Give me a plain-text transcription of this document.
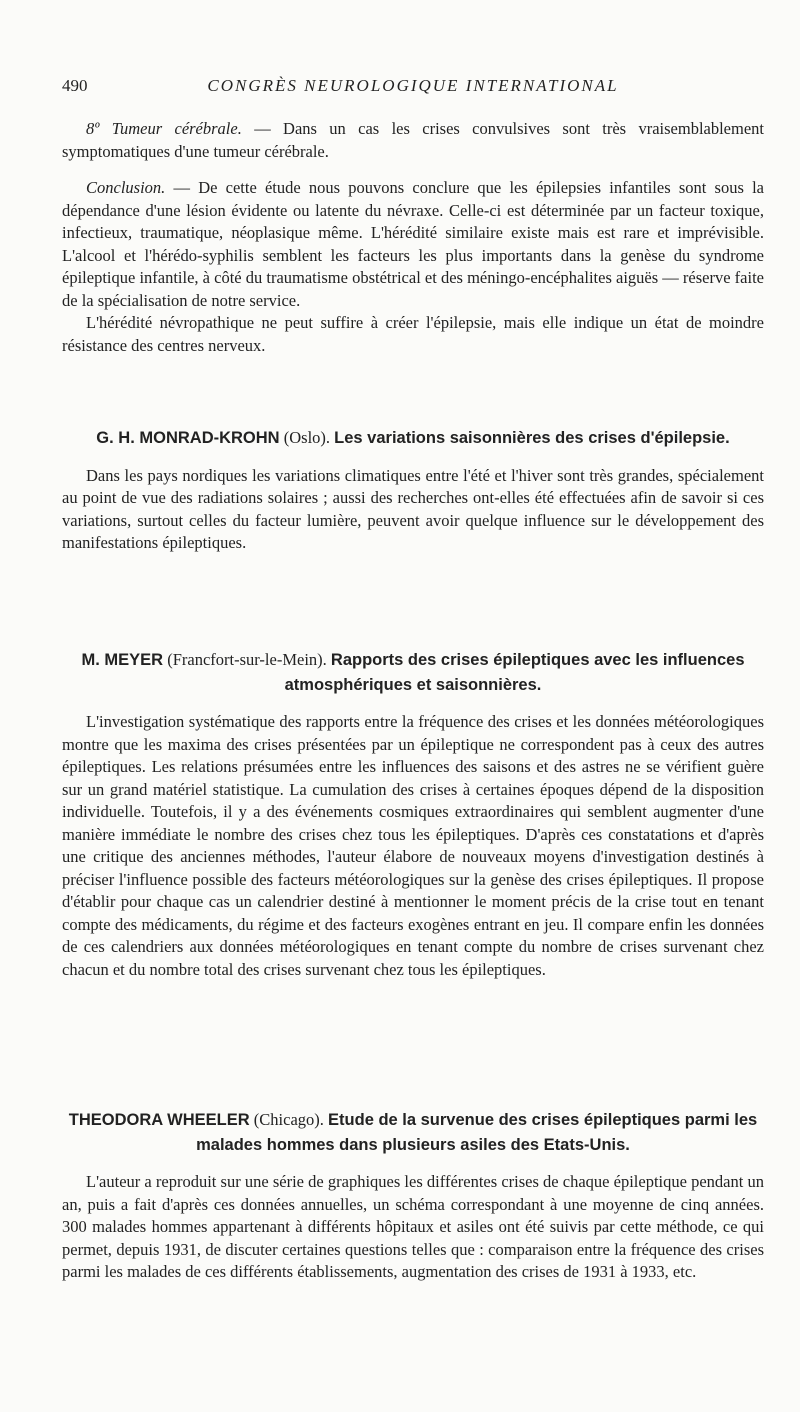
490	CONGRÈS NEUROLOGIQUE INTERNATIONAL

8º Tumeur cérébrale. — Dans un cas les crises convulsives sont très vraisemblablement symptomatiques d'une tumeur cérébrale.

Conclusion. — De cette étude nous pouvons conclure que les épilepsies infantiles sont sous la dépendance d'une lésion évidente ou latente du névraxe. Celle-ci est déterminée par un facteur toxique, infectieux, traumatique, néoplasique même. L'hérédité similaire existe mais est rare et imprévisible. L'alcool et l'hérédo-syphilis semblent les facteurs les plus importants dans la genèse du syndrome épileptique infantile, à côté du traumatisme obstétrical et des méningo-encéphalites aiguës — réserve faite de la spécialisation de notre service.

L'hérédité névropathique ne peut suffire à créer l'épilepsie, mais elle indique un état de moindre résistance des centres nerveux.

G. H. MONRAD-KROHN (Oslo). Les variations saisonnières des crises d'épilepsie.

Dans les pays nordiques les variations climatiques entre l'été et l'hiver sont très grandes, spécialement au point de vue des radiations solaires ; aussi des recherches ont-elles été effectuées afin de savoir si ces variations, surtout celles du facteur lumière, peuvent avoir quelque influence sur le développement des manifestations épileptiques.

M. MEYER (Francfort-sur-le-Mein). Rapports des crises épileptiques avec les influences atmosphériques et saisonnières.

L'investigation systématique des rapports entre la fréquence des crises et les données météorologiques montre que les maxima des crises présentées par un épileptique ne correspondent pas à ceux des autres épileptiques. Les relations présumées entre les influences des saisons et des astres ne se vérifient guère sur un grand matériel statistique. La cumulation des crises à certaines époques dépend de la disposition individuelle. Toutefois, il y a des événements cosmiques extraordinaires qui semblent augmenter d'une manière immédiate le nombre des crises chez tous les épileptiques. D'après ces constatations et d'après une critique des anciennes méthodes, l'auteur élabore de nouveaux moyens d'investigation destinés à préciser l'influence possible des facteurs météorologiques sur la genèse des crises épileptiques. Il propose d'établir pour chaque cas un calendrier destiné à mentionner le moment précis de la crise tout en tenant compte des médicaments, du régime et des facteurs exogènes entrant en jeu. Il compare enfin les données de ces calendriers aux données météorologiques en tenant compte du nombre de crises survenant chez chacun et du nombre total des crises survenant chez tous les épileptiques.

THEODORA WHEELER (Chicago). Etude de la survenue des crises épileptiques parmi les malades hommes dans plusieurs asiles des Etats-Unis.

L'auteur a reproduit sur une série de graphiques les différentes crises de chaque épileptique pendant un an, puis a fait d'après ces données annuelles, un schéma correspondant à une moyenne de cinq années. 300 malades hommes appartenant à différents hôpitaux et asiles ont été suivis par cette méthode, ce qui permet, depuis 1931, de discuter certaines questions telles que : comparaison entre la fréquence des crises parmi les malades de ces différents établissements, augmentation des crises de 1931 à 1933, etc.
